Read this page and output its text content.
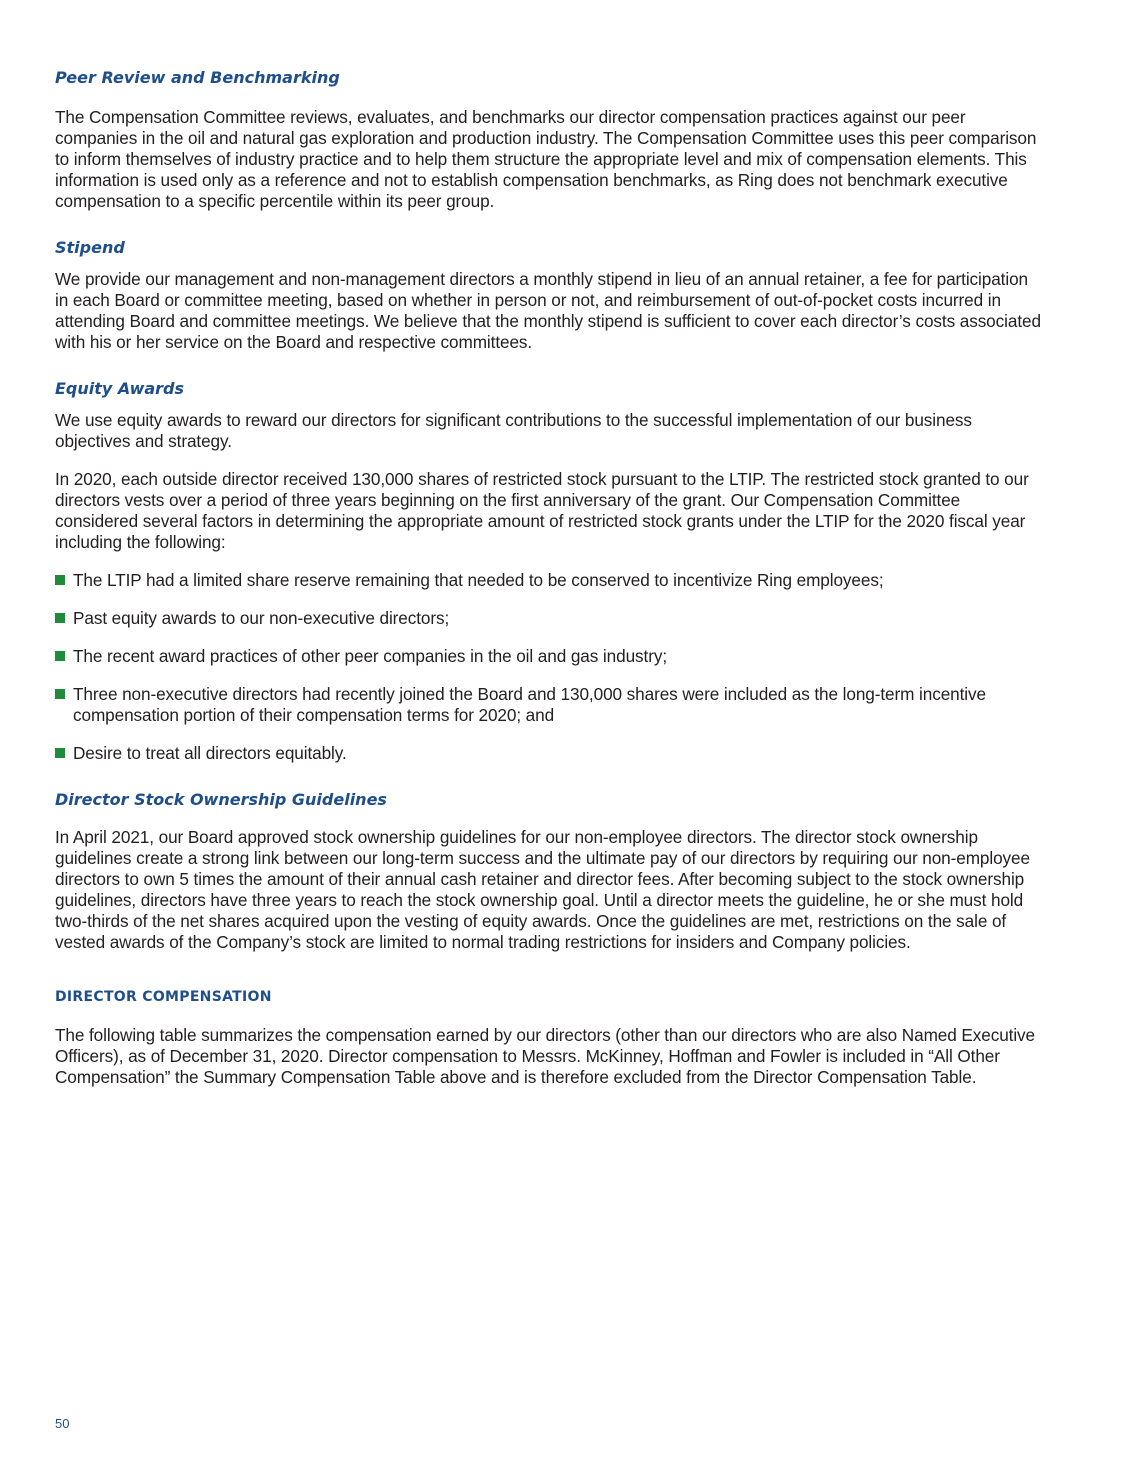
Peer Review and Benchmarking

The Compensation Committee reviews, evaluates, and benchmarks our director compensation practices against our peer companies in the oil and natural gas exploration and production industry. The Compensation Committee uses this peer comparison to inform themselves of industry practice and to help them structure the appropriate level and mix of compensation elements. This information is used only as a reference and not to establish compensation benchmarks, as Ring does not benchmark executive compensation to a specific percentile within its peer group.

Stipend

We provide our management and non-management directors a monthly stipend in lieu of an annual retainer, a fee for participation in each Board or committee meeting, based on whether in person or not, and reimbursement of out-of-pocket costs incurred in attending Board and committee meetings. We believe that the monthly stipend is sufficient to cover each director’s costs associated with his or her service on the Board and respective committees.

Equity Awards

We use equity awards to reward our directors for significant contributions to the successful implementation of our business objectives and strategy.

In 2020, each outside director received 130,000 shares of restricted stock pursuant to the LTIP. The restricted stock granted to our directors vests over a period of three years beginning on the first anniversary of the grant. Our Compensation Committee considered several factors in determining the appropriate amount of restricted stock grants under the LTIP for the 2020 fiscal year including the following:

The LTIP had a limited share reserve remaining that needed to be conserved to incentivize Ring employees;
Past equity awards to our non-executive directors;
The recent award practices of other peer companies in the oil and gas industry;
Three non-executive directors had recently joined the Board and 130,000 shares were included as the long-term incentive compensation portion of their compensation terms for 2020; and
Desire to treat all directors equitably.
Director Stock Ownership Guidelines

In April 2021, our Board approved stock ownership guidelines for our non-employee directors. The director stock ownership guidelines create a strong link between our long-term success and the ultimate pay of our directors by requiring our non-employee directors to own 5 times the amount of their annual cash retainer and director fees. After becoming subject to the stock ownership guidelines, directors have three years to reach the stock ownership goal. Until a director meets the guideline, he or she must hold two-thirds of the net shares acquired upon the vesting of equity awards. Once the guidelines are met, restrictions on the sale of vested awards of the Company’s stock are limited to normal trading restrictions for insiders and Company policies.

DIRECTOR COMPENSATION

The following table summarizes the compensation earned by our directors (other than our directors who are also Named Executive Officers), as of December 31, 2020. Director compensation to Messrs. McKinney, Hoffman and Fowler is included in “All Other Compensation” the Summary Compensation Table above and is therefore excluded from the Director Compensation Table.

50
